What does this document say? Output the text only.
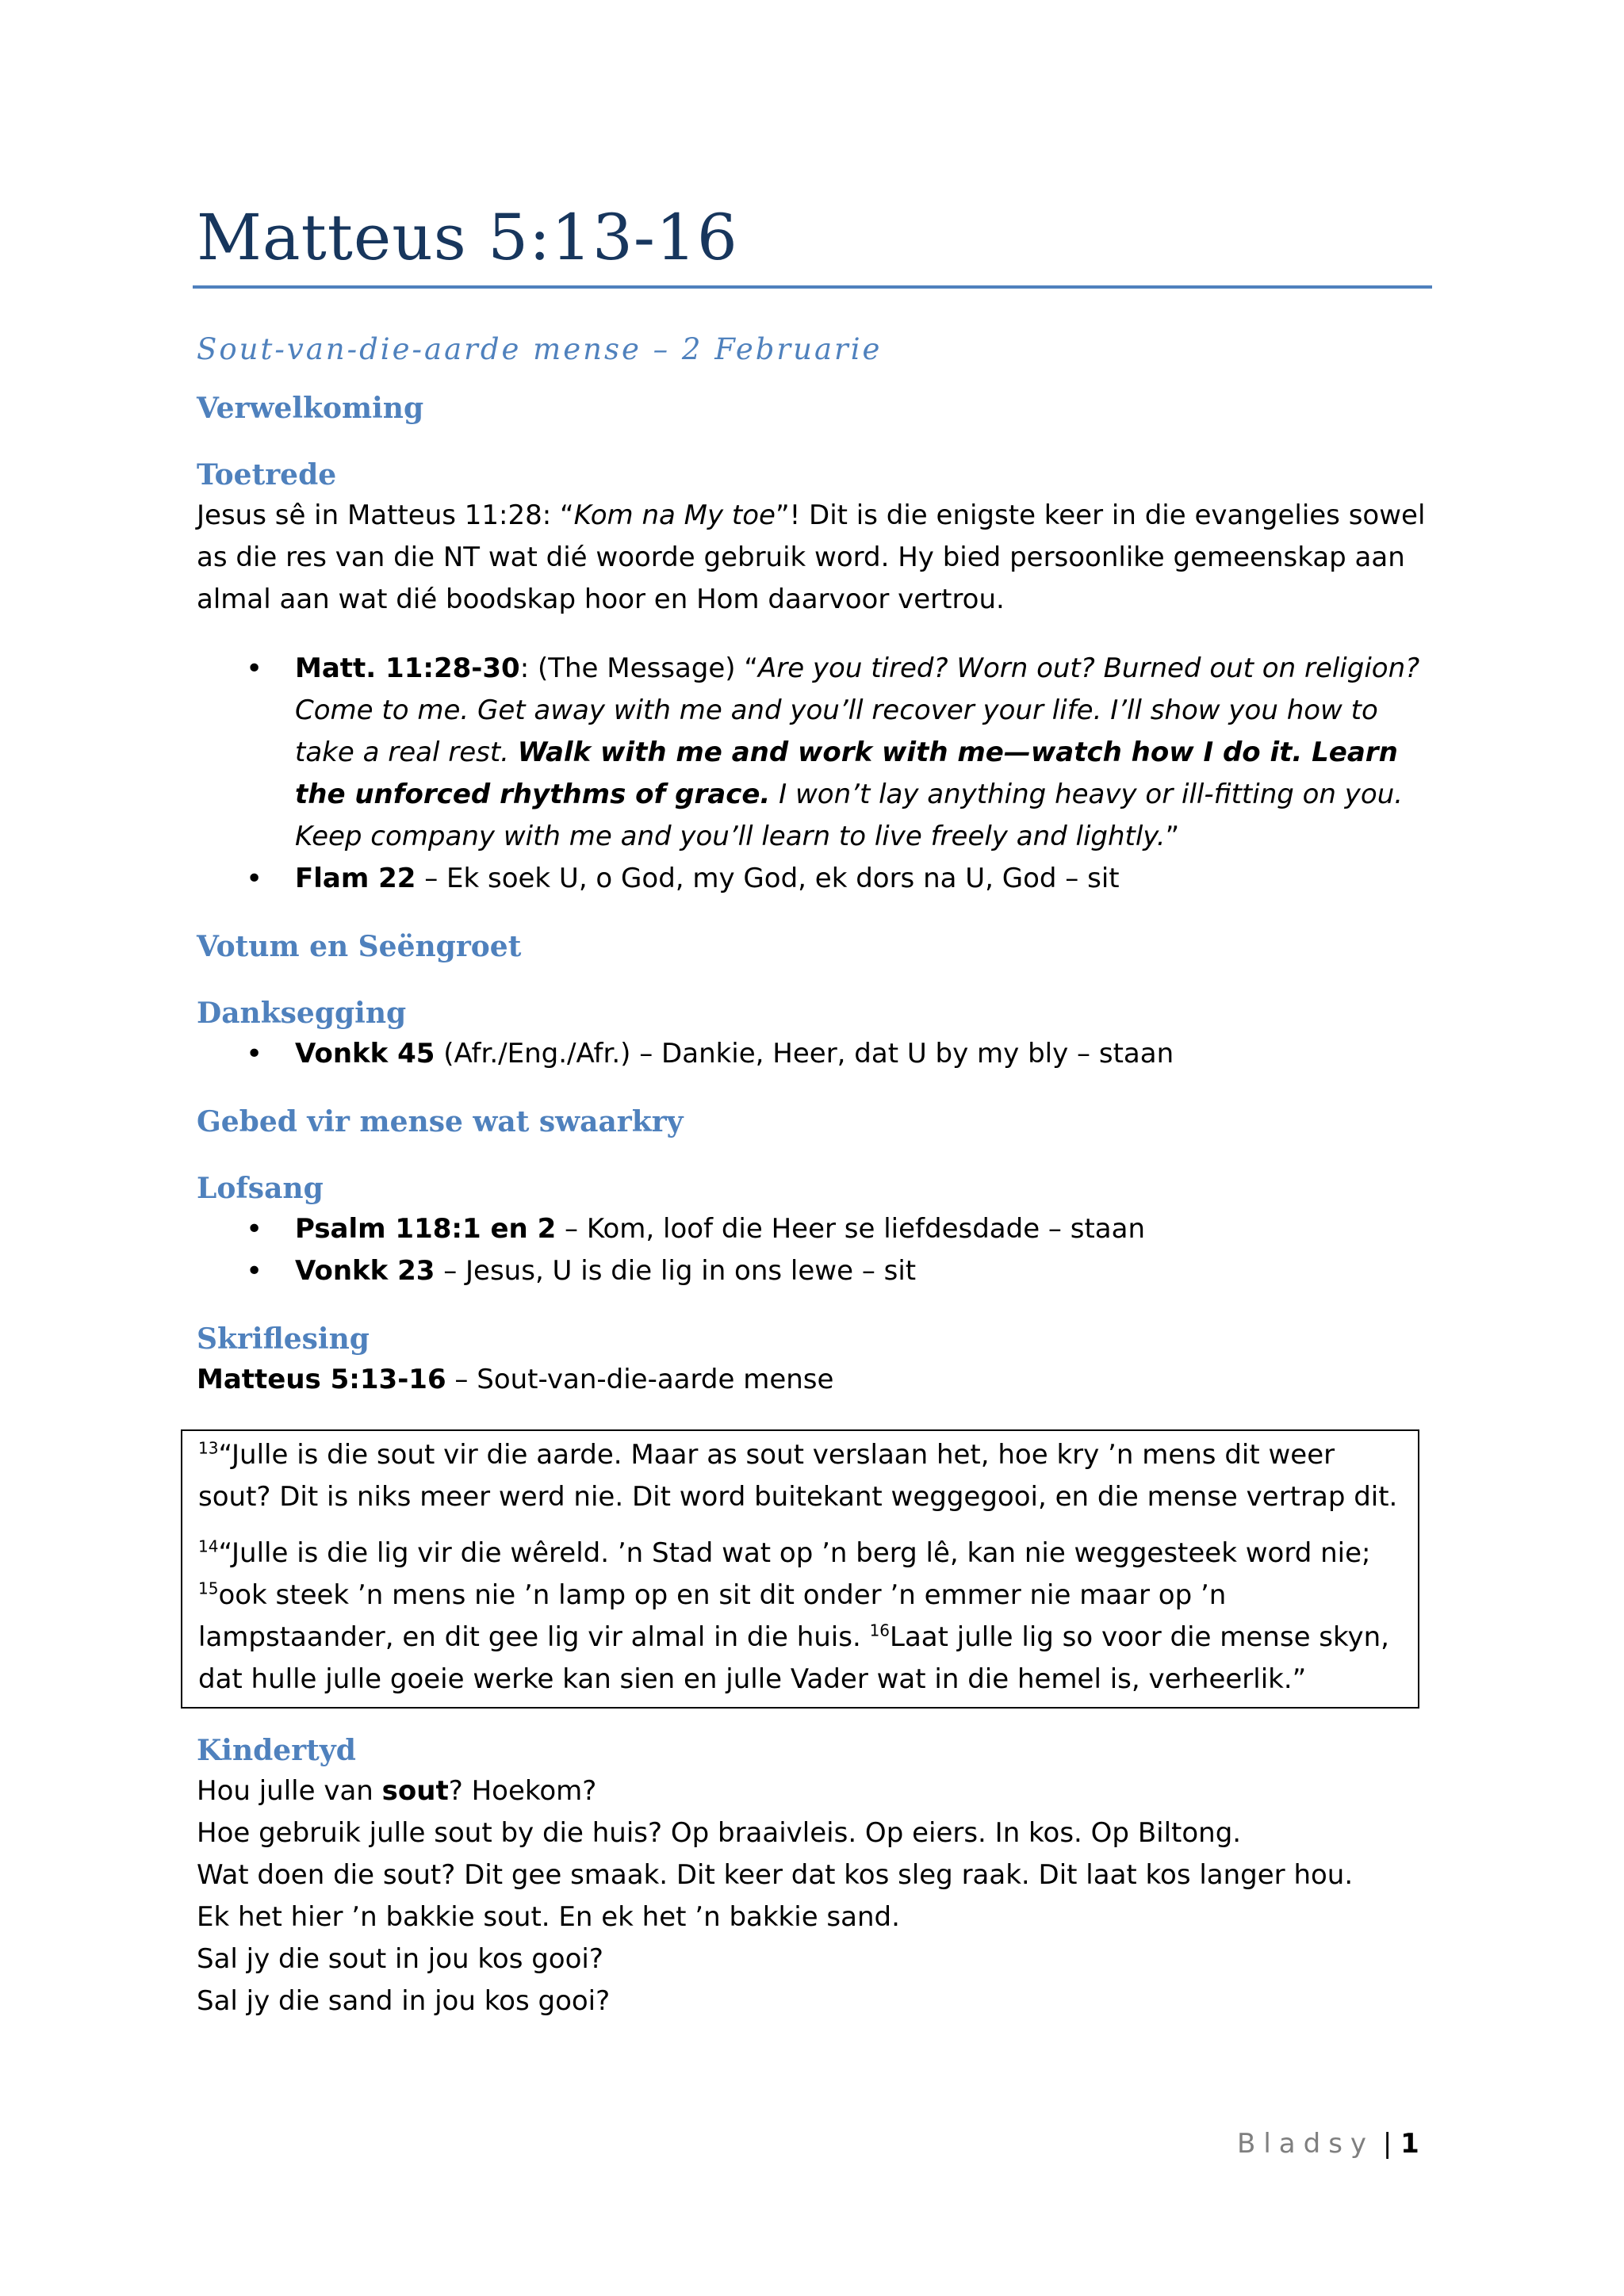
Matteus 5:13-16
Sout-van-die-aarde mense – 2 Februarie
Verwelkoming
Toetrede

Jesus sê in Matteus 11:28: “Kom na My toe”! Dit is die enigste keer in die evangelies sowel as die res van die NT wat dié woorde gebruik word. Hy bied persoonlike gemeenskap aan almal aan wat dié boodskap hoor en Hom daarvoor vertrou.

• Matt. 11:28-30: (The Message) “Are you tired? Worn out? Burned out on religion? Come to me. Get away with me and you’ll recover your life. I’ll show you how to take a real rest. Walk with me and work with me—watch how I do it. Learn the unforced rhythms of grace. I won’t lay anything heavy or ill-fitting on you. Keep company with me and you’ll learn to live freely and lightly.”
• Flam 22 – Ek soek U, o God, my God, ek dors na U, God – sit
Votum en Seëngroet
Danksegging
• Vonkk 45 (Afr./Eng./Afr.) – Dankie, Heer, dat U by my bly – staan
Gebed vir mense wat swaarkry
Lofsang
• Psalm 118:1 en 2 – Kom, loof die Heer se liefdesdade – staan
• Vonkk 23 – Jesus, U is die lig in ons lewe – sit
Skriflesing

Matteus 5:13-16 – Sout-van-die-aarde mense

$^{13}$“Julle is die sout vir die aarde. Maar as sout verslaan het, hoe kry ’n mens dit weer sout? Dit is niks meer werd nie. Dit word buitekant weggegooi, en die mense vertrap dit.

$^{14}$“Julle is die lig vir die wêreld. ’n Stad wat op ’n berg lê, kan nie weggesteek word nie; $^{15}$ook steek ’n mens nie ’n lamp op en sit dit onder ’n emmer nie maar op ’n lampstaander, en dit gee lig vir almal in die huis. $^{16}$Laat julle lig so voor die mense skyn, dat hulle julle goeie werke kan sien en julle Vader wat in die hemel is, verheerlik.”

Kindertyd

Hou julle van sout? Hoekom?

Hoe gebruik julle sout by die huis? Op braaivleis. Op eiers. In kos. Op Biltong.

Wat doen die sout? Dit gee smaak. Dit keer dat kos sleg raak. Dit laat kos langer hou.

Ek het hier ’n bakkie sout. En ek het ’n bakkie sand.

Sal jy die sout in jou kos gooi?

Sal jy die sand in jou kos gooi?

Bladsy | 1
